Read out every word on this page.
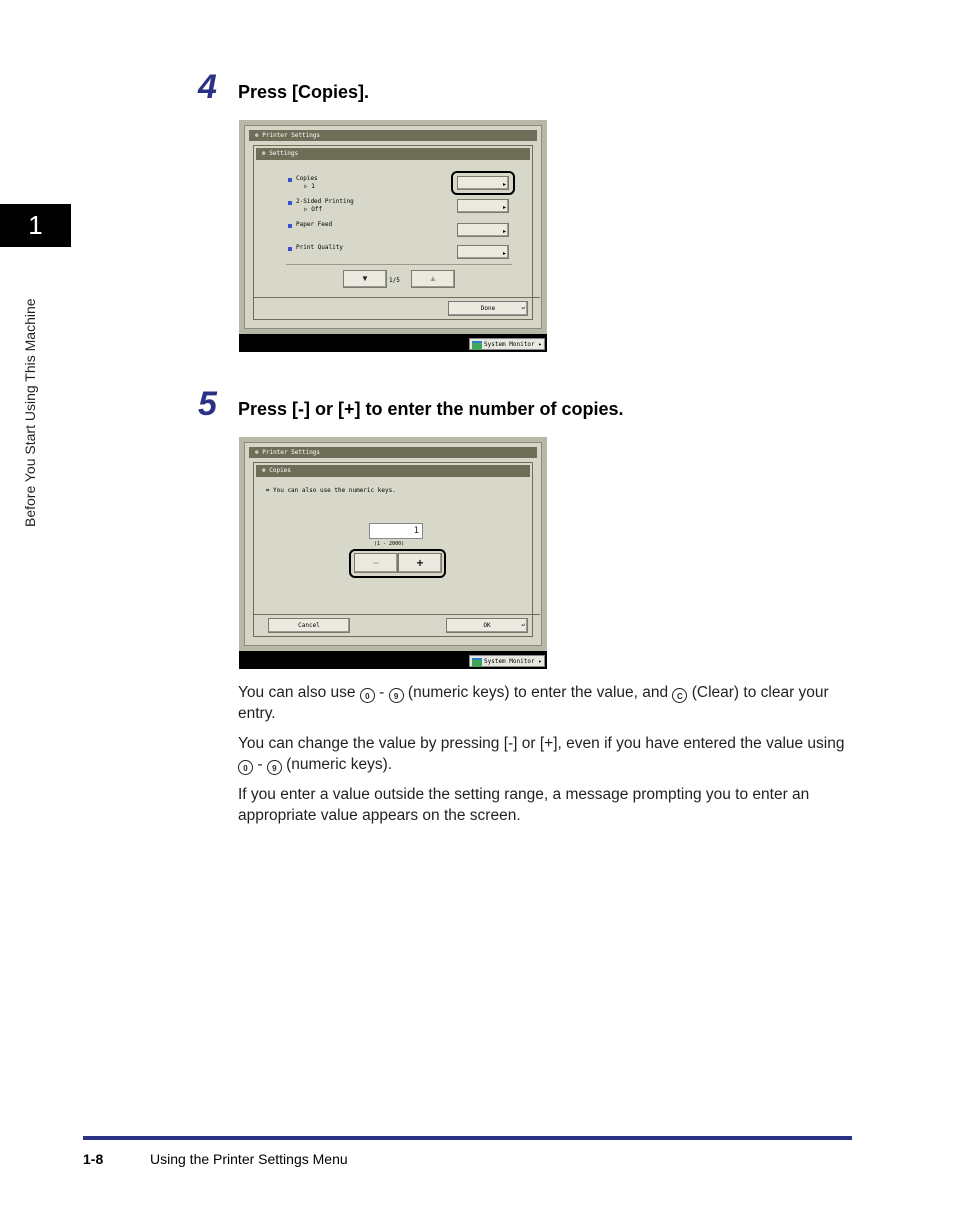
1
Before You Start Using This Machine
4 Press [Copies].
⊛ Printer Settings
⊛ Settings
Copies
▷ 1	▸
2-Sided Printing
▷ Off	▸
Paper Feed
▸
Print Quality
▸
▼	1/5	▲
Done	↵
System Monitor ▸
5 Press [-] or [+] to enter the number of copies.
⊛ Printer Settings
⊛ Copies
⌗ You can also use the numeric keys.
1
(1 - 2000)
−	+
Cancel	OK	↵
System Monitor ▸
You can also use 0 - 9 (numeric keys) to enter the value, and C (Clear) to clear your entry.
You can change the value by pressing [-] or [+], even if you have entered the value using 0 - 9 (numeric keys).
If you enter a value outside the setting range, a message prompting you to enter an appropriate value appears on the screen.
1-8	Using the Printer Settings Menu
